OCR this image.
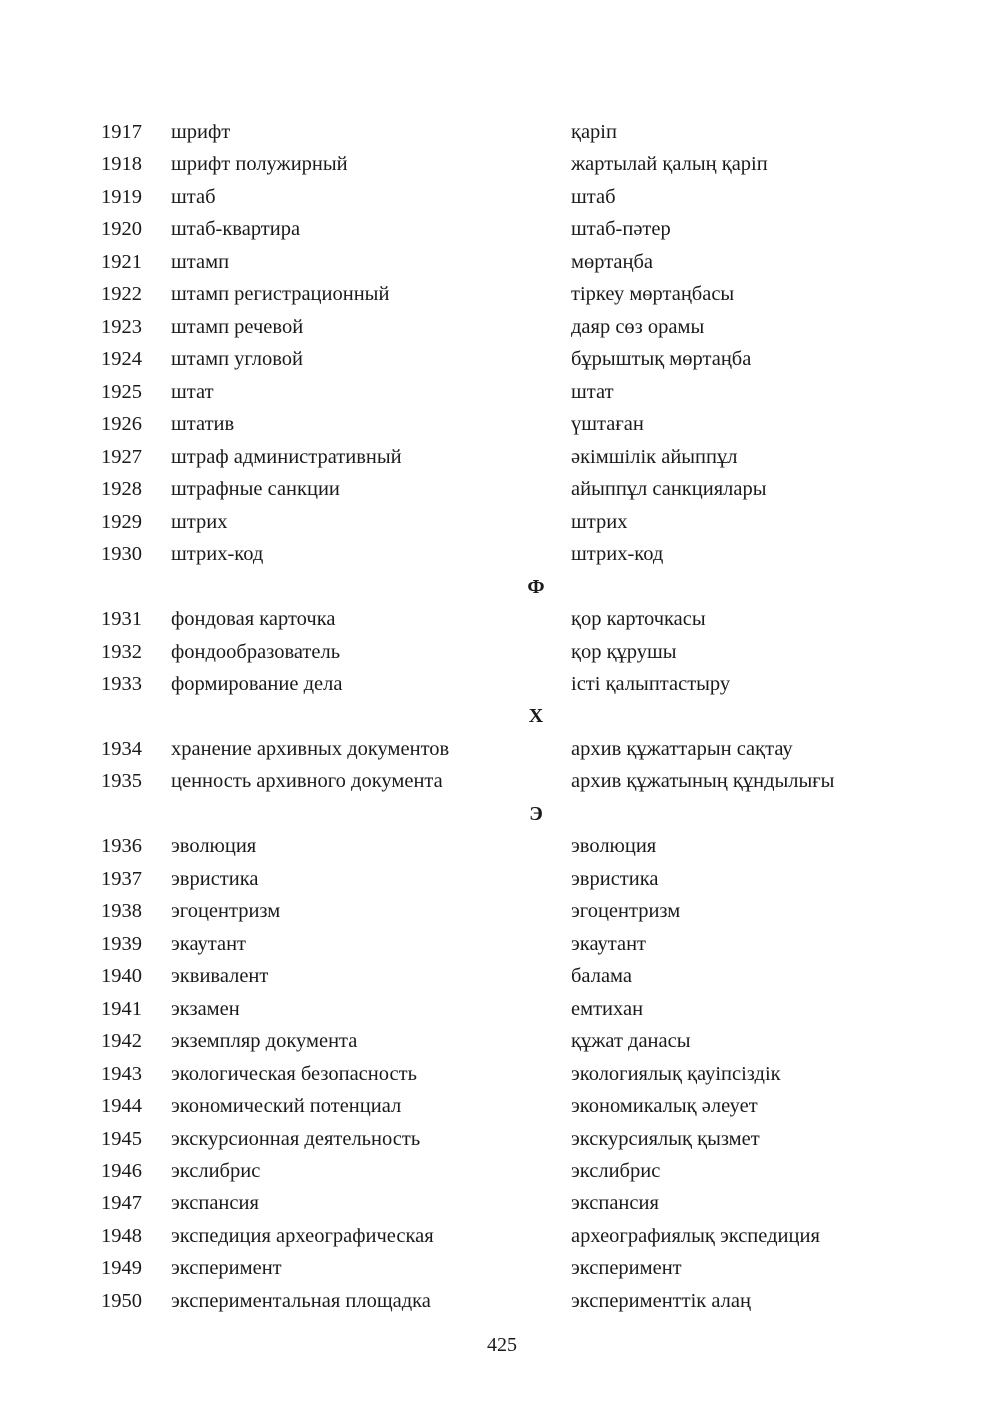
1917 шрифт	қаріп
1918 шрифт полужирный	жартылай қалың қаріп
1919 штаб	штаб
1920 штаб-квартира	штаб-пәтер
1921 штамп	мөртаңба
1922 штамп регистрационный	тіркеу мөртаңбасы
1923 штамп речевой	даяр сөз орамы
1924 штамп угловой	бұрыштық мөртаңба
1925 штат	штат
1926 штатив	үштаған
1927 штраф административный	әкімшілік айыппұл
1928 штрафные санкции	айыппұл санкциялары
1929 штрих	штрих
1930 штрих-код	штрих-код
Ф
1931 фондовая карточка	қор карточкасы
1932 фондообразователь	қор құрушы
1933 формирование дела	істі қалыптастыру
Х
1934 хранение архивных документов	архив құжаттарын сақтау
1935 ценность архивного документа	архив құжатының құндылығы
Э
1936 эволюция	эволюция
1937 эвристика	эвристика
1938 эгоцентризм	эгоцентризм
1939 экаутант	экаутант
1940 эквивалент	балама
1941 экзамен	емтихан
1942 экземпляр документа	құжат данасы
1943 экологическая безопасность	экологиялық қауіпсіздік
1944 экономический потенциал	экономикалық әлеует
1945 экскурсионная деятельность	экскурсиялық қызмет
1946 экслибрис	экслибрис
1947 экспансия	экспансия
1948 экспедиция археографическая	археографиялық экспедиция
1949 эксперимент	эксперимент
1950 экспериментальная площадка	эксперименттік алаң
425
